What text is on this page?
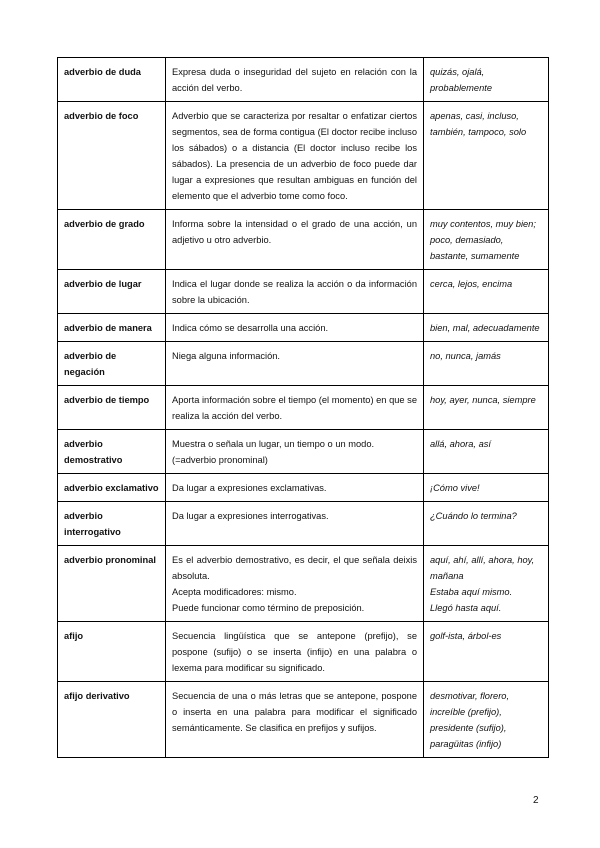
adverbio de duda	Expresa duda o inseguridad del sujeto en relación con la acción del verbo.	quizás, ojalá,
probablemente

adverbio de foco	Adverbio que se caracteriza por resaltar o enfatizar ciertos segmentos, sea de forma contigua (El doctor recibe incluso los sábados) o a distancia (El doctor incluso recibe los sábados). La presencia de un adverbio de foco puede dar lugar a expresiones que resultan ambiguas en función del elemento que el adverbio tome como foco.	apenas, casi, incluso,
también, tampoco, solo

adverbio de grado	Informa sobre la intensidad o el grado de una acción, un adjetivo u otro adverbio.	muy contentos, muy bien;
poco, demasiado,
bastante, sumamente

adverbio de lugar	Indica el lugar donde se realiza la acción o da información sobre la ubicación.	cerca, lejos, encima

adverbio de manera	Indica cómo se desarrolla una acción.	bien, mal, adecuadamente

adverbio de negación	Niega alguna información.	no, nunca, jamás

adverbio de tiempo	Aporta información sobre el tiempo (el momento) en que se realiza la acción del verbo.	hoy, ayer, nunca, siempre

adverbio demostrativo	Muestra o señala un lugar, un tiempo o un modo.
(=adverbio pronominal)	allá, ahora, así

adverbio exclamativo	Da lugar a expresiones exclamativas.	¡Cómo vive!

adverbio interrogativo	Da lugar a expresiones interrogativas.	¿Cuándo lo termina?

adverbio pronominal	Es el adverbio demostrativo, es decir, el que señala deixis absoluta.
Acepta modificadores: mismo.
Puede funcionar como término de preposición.	aquí, ahí, allí, ahora, hoy,
mañana
Estaba aquí mismo.
Llegó hasta aquí.

afijo	Secuencia lingüística que se antepone (prefijo), se pospone (sufijo) o se inserta (infijo) en una palabra o lexema para modificar su significado.	golf-ista, árbol-es

afijo derivativo	Secuencia de una o más letras que se antepone, pospone o inserta en una palabra para modificar el significado semánticamente. Se clasifica en prefijos y sufijos.	desmotivar, florero,
increíble (prefijo),
presidente (sufijo),
paragüitas (infijo)
2
